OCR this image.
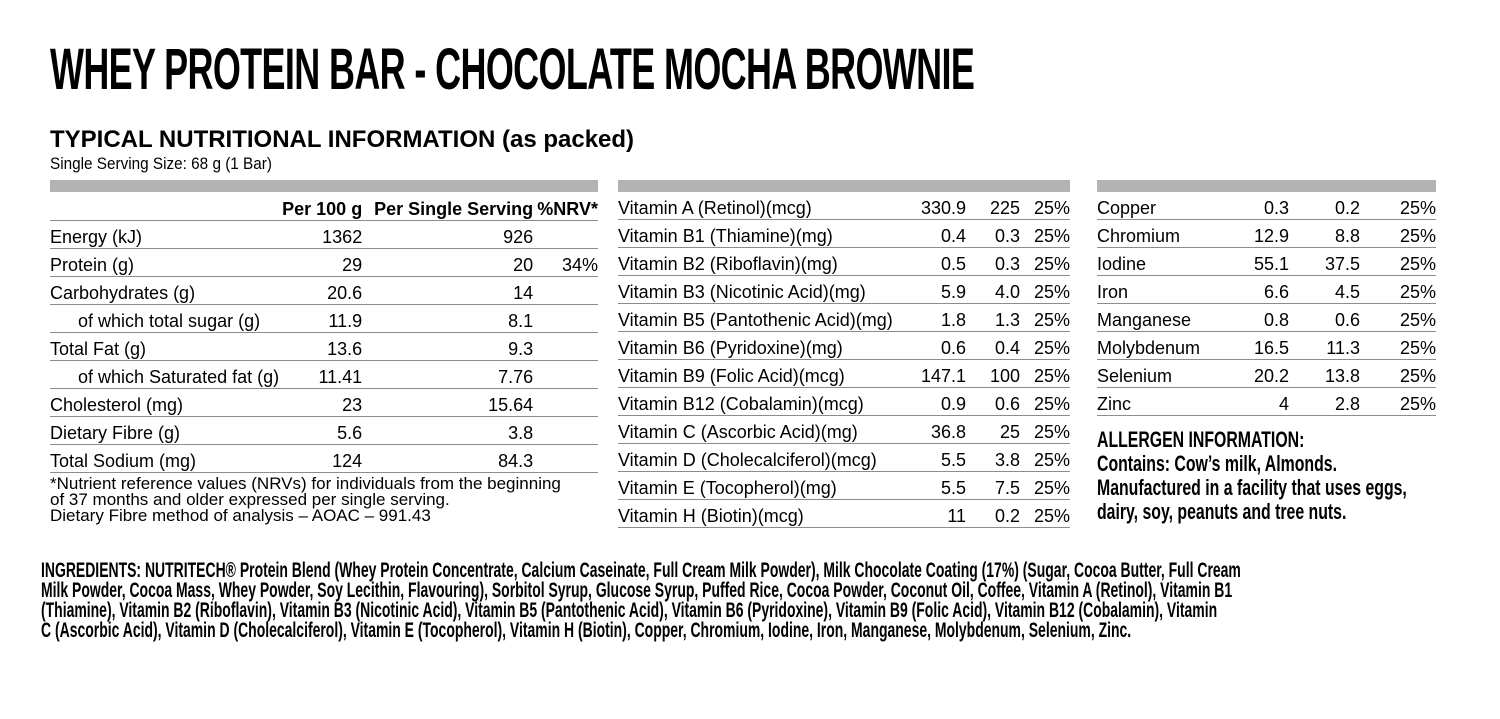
WHEY PROTEIN BAR - CHOCOLATE MOCHA BROWNIE
TYPICAL NUTRITIONAL INFORMATION (as packed)
Single Serving Size: 68 g (1 Bar)
	Per 100 g	Per Single Serving	%NRV*
Energy (kJ)	1362	926	
Protein (g)	29	20	34%
Carbohydrates (g)	20.6	14	
of which total sugar (g)	11.9	8.1	
Total Fat (g)	13.6	9.3	
of which Saturated fat (g)	11.41	7.76	
Cholesterol (mg)	23	15.64	
Dietary Fibre (g)	5.6	3.8	
Total Sodium (mg)	124	84.3	
*Nutrient reference values (NRVs) for individuals from the beginning
of 37 months and older expressed per single serving.
Dietary Fibre method of analysis – AOAC – 991.43
Vitamin A (Retinol)(mcg)	330.9	225	25%
Vitamin B1 (Thiamine)(mg)	0.4	0.3	25%
Vitamin B2 (Riboflavin)(mg)	0.5	0.3	25%
Vitamin B3 (Nicotinic Acid)(mg)	5.9	4.0	25%
Vitamin B5 (Pantothenic Acid)(mg)	1.8	1.3	25%
Vitamin B6 (Pyridoxine)(mg)	0.6	0.4	25%
Vitamin B9 (Folic Acid)(mcg)	147.1	100	25%
Vitamin B12 (Cobalamin)(mcg)	0.9	0.6	25%
Vitamin C (Ascorbic Acid)(mg)	36.8	25	25%
Vitamin D (Cholecalciferol)(mcg)	5.5	3.8	25%
Vitamin E (Tocopherol)(mg)	5.5	7.5	25%
Vitamin H (Biotin)(mcg)	11	0.2	25%
Copper	0.3	0.2	25%
Chromium	12.9	8.8	25%
Iodine	55.1	37.5	25%
Iron	6.6	4.5	25%
Manganese	0.8	0.6	25%
Molybdenum	16.5	11.3	25%
Selenium	20.2	13.8	25%
Zinc	4	2.8	25%
ALLERGEN INFORMATION:
Contains: Cow’s milk, Almonds.
Manufactured in a facility that uses eggs,
dairy, soy, peanuts and tree nuts.
INGREDIENTS: NUTRITECH® Protein Blend (Whey Protein Concentrate, Calcium Caseinate, Full Cream Milk Powder), Milk Chocolate Coating (17%) (Sugar, Cocoa Butter, Full Cream
Milk Powder, Cocoa Mass, Whey Powder, Soy Lecithin, Flavouring), Sorbitol Syrup, Glucose Syrup, Puffed Rice, Cocoa Powder, Coconut Oil, Coffee, Vitamin A (Retinol), Vitamin B1
(Thiamine), Vitamin B2 (Riboflavin), Vitamin B3 (Nicotinic Acid), Vitamin B5 (Pantothenic Acid), Vitamin B6 (Pyridoxine), Vitamin B9 (Folic Acid), Vitamin B12 (Cobalamin), Vitamin
C (Ascorbic Acid), Vitamin D (Cholecalciferol), Vitamin E (Tocopherol), Vitamin H (Biotin), Copper, Chromium, Iodine, Iron, Manganese, Molybdenum, Selenium, Zinc.
